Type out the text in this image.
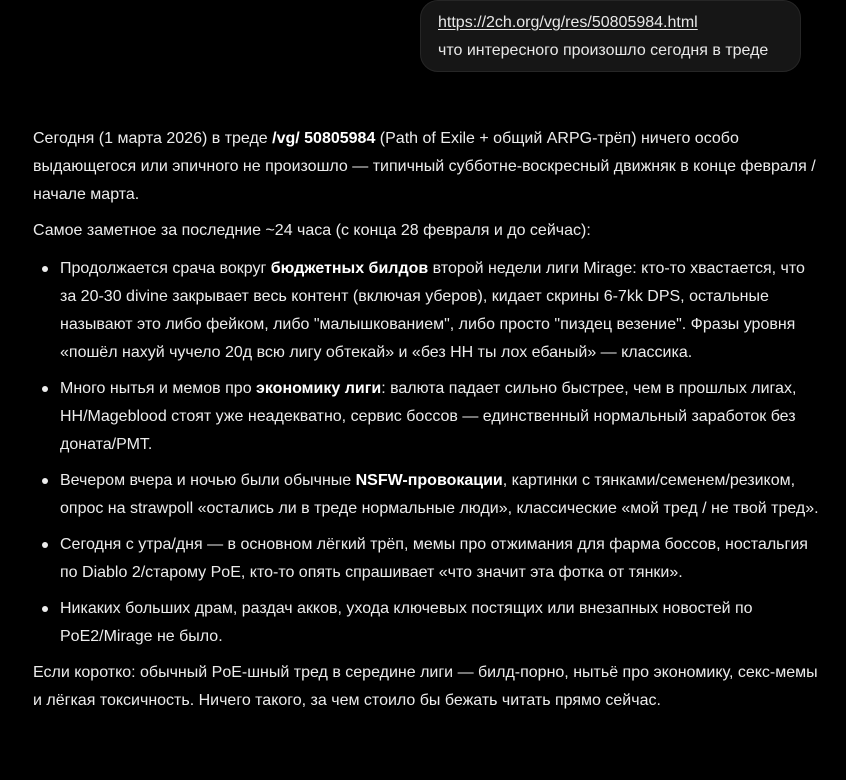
https://2ch.org/vg/res/50805984.html
что интересного произошло сегодня в треде

Сегодня (1 марта 2026) в треде /vg/ 50805984 (Path of Exile + общий ARPG-трёп) ничего особо выдающегося или эпичного не произошло — типичный субботне-воскресный движняк в конце февраля / начале марта.

Самое заметное за последние ~24 часа (с конца 28 февраля и до сейчас):

Продолжается срача вокруг бюджетных билдов второй недели лиги Mirage: кто-то хвастается, что за 20-30 divine закрывает весь контент (включая уберов), кидает скрины 6-7kk DPS, остальные называют это либо фейком, либо "малышкованием", либо просто "пиздец везение". Фразы уровня «пошёл нахуй чучело 20д всю лигу обтекай» и «без HH ты лох ебаный» — классика.
Много нытья и мемов про экономику лиги: валюта падает сильно быстрее, чем в прошлых лигах, HH/Mageblood стоят уже неадекватно, сервис боссов — единственный нормальный заработок без доната/РМТ.
Вечером вчера и ночью были обычные NSFW-провокации, картинки с тянками/семенем/резиком, опрос на strawpoll «остались ли в треде нормальные люди», классические «мой тред / не твой тред».
Сегодня с утра/дня — в основном лёгкий трёп, мемы про отжимания для фарма боссов, ностальгия по Diablo 2/старому PoE, кто-то опять спрашивает «что значит эта фотка от тянки».
Никаких больших драм, раздач акков, ухода ключевых постящих или внезапных новостей по PoE2/Mirage не было.

Если коротко: обычный PoE-шный тред в середине лиги — билд-порно, нытьё про экономику, секс-мемы и лёгкая токсичность. Ничего такого, за чем стоило бы бежать читать прямо сейчас.
